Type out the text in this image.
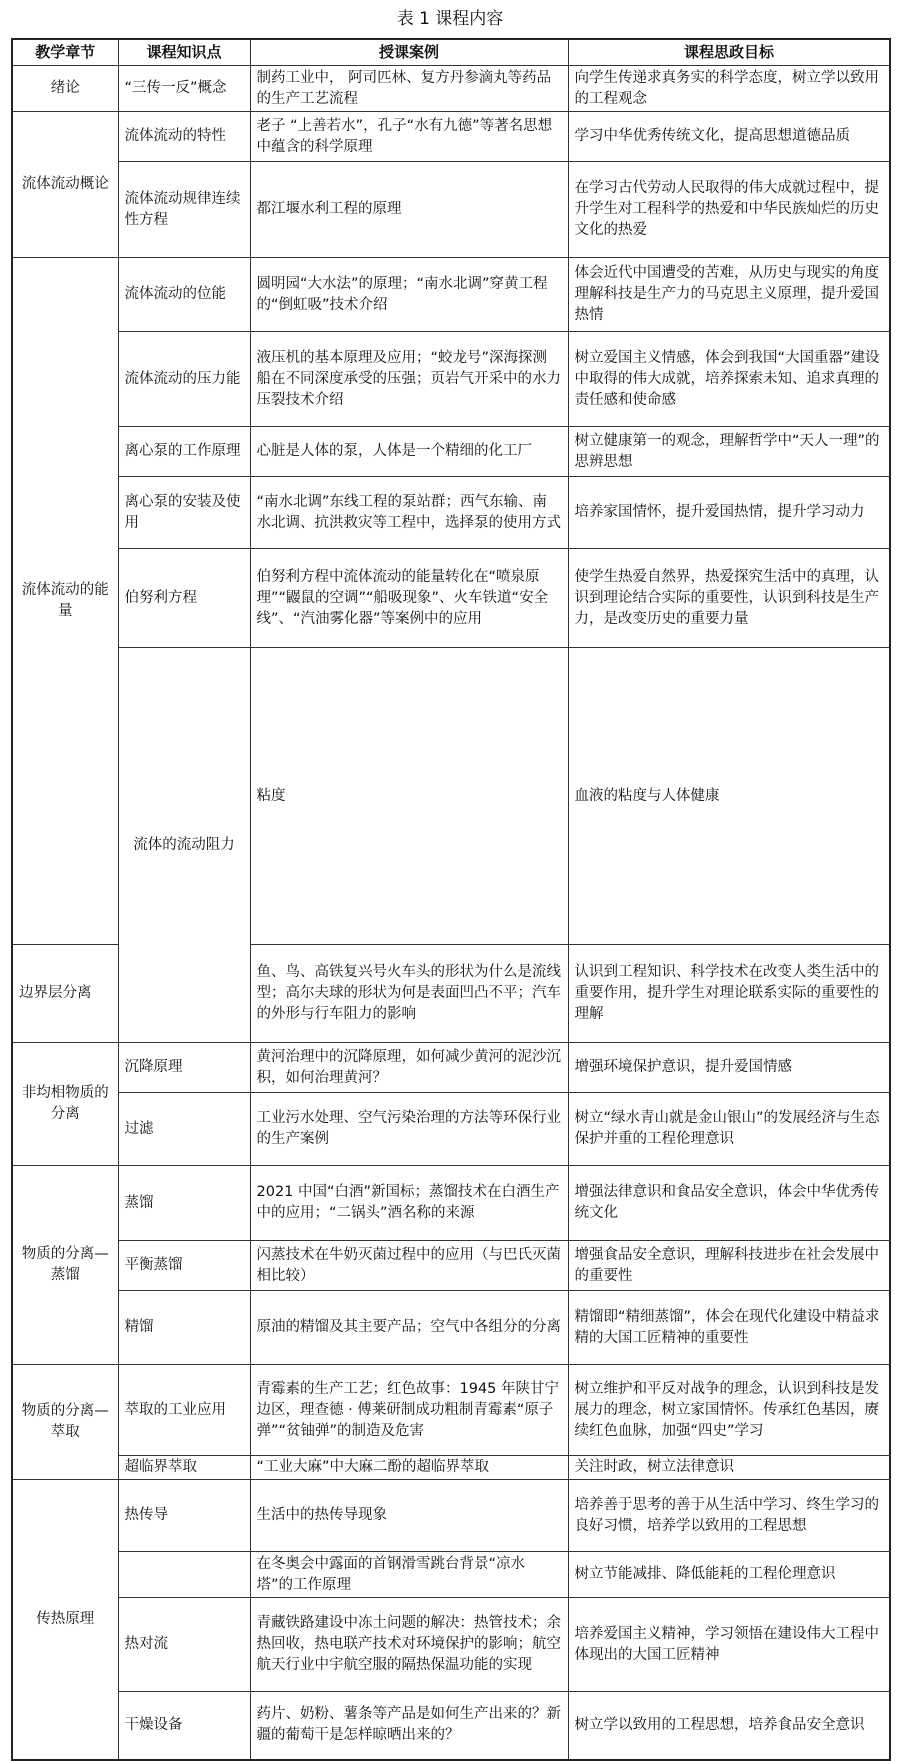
表 1 课程内容
教学章节	课程知识点	授课案例	课程思政目标	
绪论	“三传一反”概念	制药工业中， 阿司匹林、复方丹参滴丸等药品的生产工艺流程	向学生传递求真务实的科学态度，树立学以致用的工程观念	
流体流动概论	流体流动的特性	老子 “上善若水”，孔子“水有九德”等著名思想中蕴含的科学原理	学习中华优秀传统文化，提高思想道德品质	
	流体流动规律连续性方程	都江堰水利工程的原理	在学习古代劳动人民取得的伟大成就过程中，提升学生对工程科学的热爱和中华民族灿烂的历史文化的热爱	
流体流动的能量	流体流动的位能	圆明园“大水法”的原理；“南水北调”穿黄工程的“倒虹吸”技术介绍	体会近代中国遭受的苦难，从历史与现实的角度理解科技是生产力的马克思主义原理，提升爱国热情	
	流体流动的压力能	液压机的基本原理及应用；“蛟龙号”深海探测船在不同深度承受的压强；页岩气开采中的水力压裂技术介绍	树立爱国主义情感，体会到我国“大国重器”建设中取得的伟大成就，培养探索未知、追求真理的责任感和使命感	
	离心泵的工作原理	心脏是人体的泵，人体是一个精细的化工厂	树立健康第一的观念，理解哲学中“天人一理”的思辨思想	
	离心泵的安装及使用	“南水北调”东线工程的泵站群；西气东输、南水北调、抗洪救灾等工程中，选择泵的使用方式	培养家国情怀，提升爱国热情，提升学习动力	
	伯努利方程	伯努利方程中流体流动的能量转化在“喷泉原理”“鼹鼠的空调”“船吸现象”、火车铁道“安全线”、“汽油雾化器”等案例中的应用	使学生热爱自然界，热爱探究生活中的真理，认识到理论结合实际的重要性，认识到科技是生产力，是改变历史的重要力量	
	流体的流动阻力	粘度	血液的粘度与人体健康	
边界层分离		鱼、鸟、高铁复兴号火车头的形状为什么是流线型；高尔夫球的形状为何是表面凹凸不平；汽车的外形与行车阻力的影响	认识到工程知识、科学技术在改变人类生活中的重要作用，提升学生对理论联系实际的重要性的理解	
非均相物质的分离	沉降原理	黄河治理中的沉降原理，如何减少黄河的泥沙沉积，如何治理黄河？	增强环境保护意识，提升爱国情感	
	过滤	工业污水处理、空气污染治理的方法等环保行业的生产案例	树立“绿水青山就是金山银山”的发展经济与生态保护并重的工程伦理意识	
物质的分离—蒸馏	蒸馏	2021 中国“白酒”新国标；蒸馏技术在白酒生产中的应用；“二锅头”酒名称的来源	增强法律意识和食品安全意识，体会中华优秀传统文化	
	平衡蒸馏	闪蒸技术在牛奶灭菌过程中的应用（与巴氏灭菌相比较）	增强食品安全意识，理解科技进步在社会发展中的重要性	
	精馏	原油的精馏及其主要产品；空气中各组分的分离	精馏即“精细蒸馏”，体会在现代化建设中精益求精的大国工匠精神的重要性	
物质的分离—萃取	萃取的工业应用	青霉素的生产工艺；红色故事：1945 年陕甘宁边区，理查德 · 傅莱研制成功粗制青霉素“原子弹”“贫铀弹”的制造及危害	树立维护和平反对战争的理念，认识到科技是发展力的理念，树立家国情怀。传承红色基因，赓续红色血脉，加强“四史”学习	
	超临界萃取	“工业大麻”中大麻二酚的超临界萃取	关注时政，树立法律意识	
传热原理	热传导	生活中的热传导现象	培养善于思考的善于从生活中学习、终生学习的良好习惯，培养学以致用的工程思想	
		在冬奥会中露面的首钢滑雪跳台背景“凉水塔”的工作原理	树立节能减排、降低能耗的工程伦理意识	
	热对流	青藏铁路建设中冻土问题的解决：热管技术；余热回收，热电联产技术对环境保护的影响；航空航天行业中宇航空服的隔热保温功能的实现	培养爱国主义精神，学习领悟在建设伟大工程中体现出的大国工匠精神	
	干燥设备	药片、奶粉、薯条等产品是如何生产出来的？新疆的葡萄干是怎样晾晒出来的？	树立学以致用的工程思想，培养食品安全意识	
